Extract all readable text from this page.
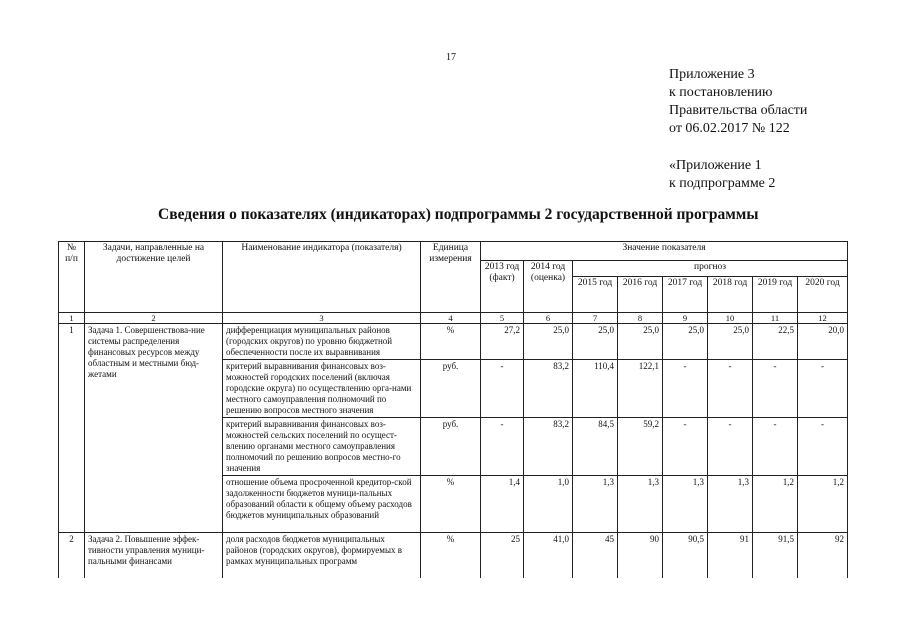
17
Приложение 3
к постановлению
Правительства области
от 06.02.2017 № 122
«Приложение 1
к подпрограмме 2
Сведения о показателях (индикаторах) подпрограммы 2 государственной программы
№ п/п	Задачи, направленные на достижение целей	Наименование индикатора (показателя)	Единица измерения	Значение показателя							
				2013 год (факт)	2014 год (оценка)	прогноз					
						2015 год	2016 год	2017 год	2018 год	2019 год	2020 год
1	2	3	4	5	6	7	8	9	10	11	12
1	Задача 1. Совершенствова-ние системы распределения финансовых ресурсов между областным и местными бюд-жетами	дифференциация муниципальных районов (городских округов) по уровню бюджетной обеспеченности после их выравнивания	%	27,2	25,0	25,0	25,0	25,0	25,0	22,5	20,0
		критерий выравнивания финансовых воз-можностей городских поселений (включая городские округа) по осуществлению орга-нами местного самоуправления полномочий по решению вопросов местного значения	руб.	-	83,2	110,4	122,1	-	-	-	-
		критерий выравнивания финансовых воз-можностей сельских поселений по осущест-влению органами местного самоуправления полномочий по решению вопросов местно-го значения	руб.	-	83,2	84,5	59,2	-	-	-	-
		отношение объема просроченной кредитор-ской задолженности бюджетов муници-пальных образований области к общему объему расходов бюджетов муниципальных образований	%	1,4	1,0	1,3	1,3	1,3	1,3	1,2	1,2
2	Задача 2. Повышение эффек-тивности управления муници-пальными финансами	доля расходов бюджетов муниципальных районов (городских округов), формируемых в рамках муниципальных программ	%	25	41,0	45	90	90,5	91	91,5	92
